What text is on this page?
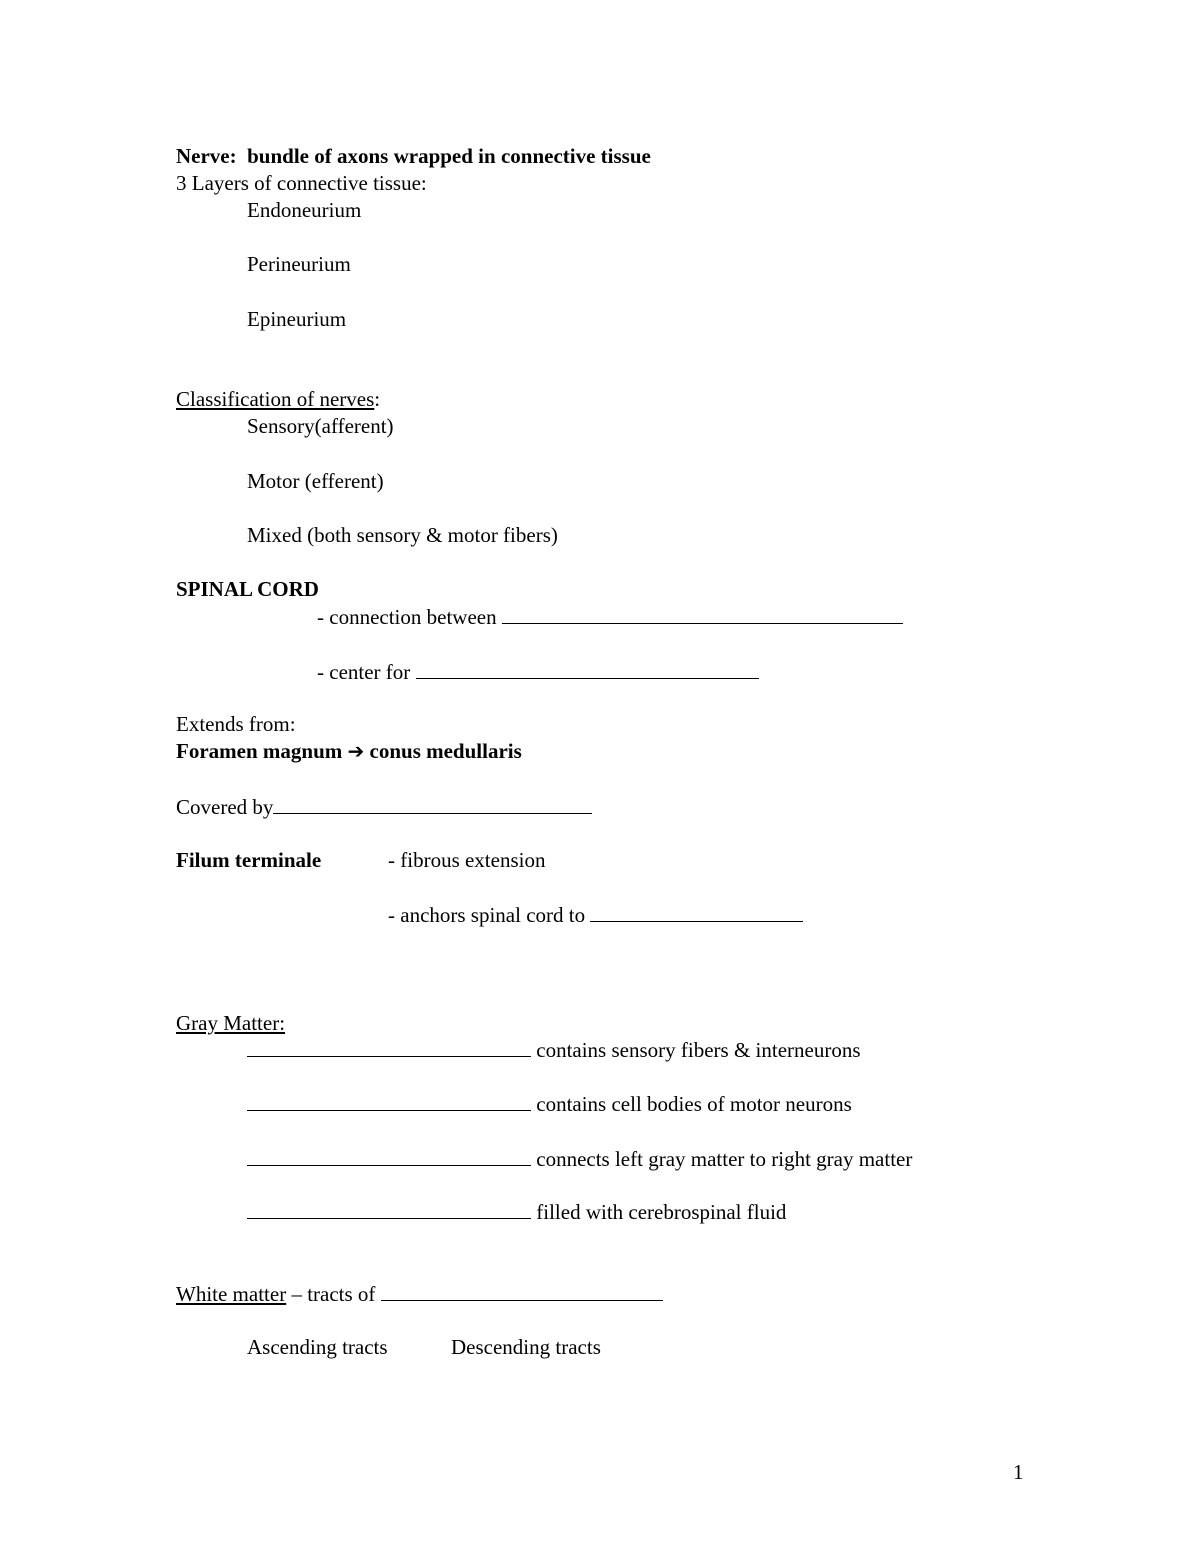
Nerve:  bundle of axons wrapped in connective tissue
3 Layers of connective tissue:
Endoneurium
Perineurium
Epineurium
Classification of nerves:
Sensory(afferent)
Motor (efferent)
Mixed (both sensory & motor fibers)
SPINAL CORD
- connection between
- center for
Extends from:
Foramen magnum ➔ conus medullaris
Covered by
Filum terminale	- fibrous extension
- anchors spinal cord to
Gray Matter:
contains sensory fibers & interneurons
contains cell bodies of motor neurons
connects left gray matter to right gray matter
filled with cerebrospinal fluid
White matter – tracts of
Ascending tracts	Descending tracts
1
